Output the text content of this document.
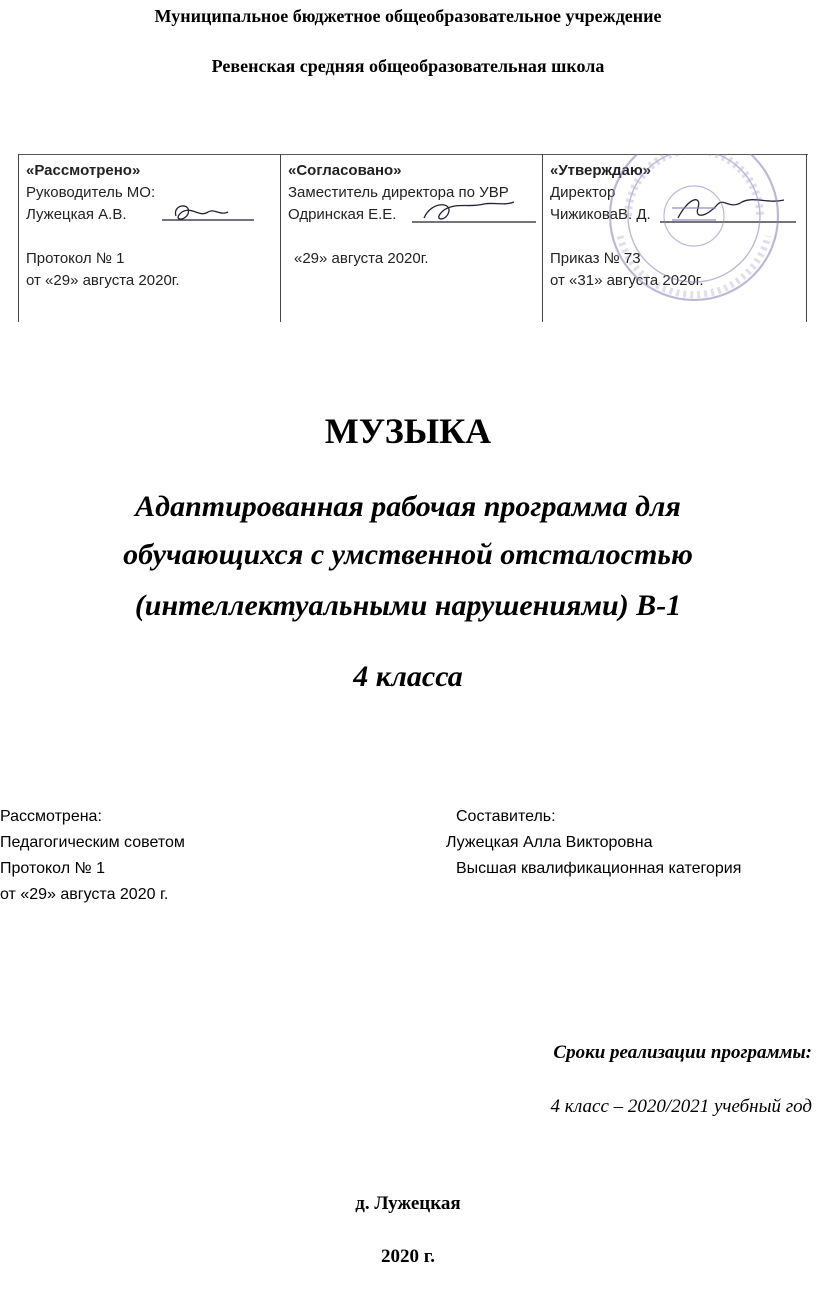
Муниципальное бюджетное общеобразовательное учреждение
Ревенская средняя общеобразовательная школа
«Рассмотрено»
Руководитель МО:
Лужецкая А.В.
Протокол № 1
от «29» августа 2020г.
«Согласовано»
Заместитель директора по УВР
Одринская Е.Е.
«29» августа 2020г.
«Утверждаю»
Директор
ЧижиковаВ. Д.
Приказ № 73
от «31» августа 2020г.
МУЗЫКА
Адаптированная рабочая программа для
обучающихся с умственной отсталостью
(интеллектуальными нарушениями) В-1
4 класса
Рассмотрена:
Педагогическим советом
Протокол № 1
от «29» августа 2020 г.
Составитель:
Лужецкая Алла Викторовна
Высшая квалификационная категория
Сроки реализации программы:
4 класс – 2020/2021 учебный год
д. Лужецкая
2020 г.
